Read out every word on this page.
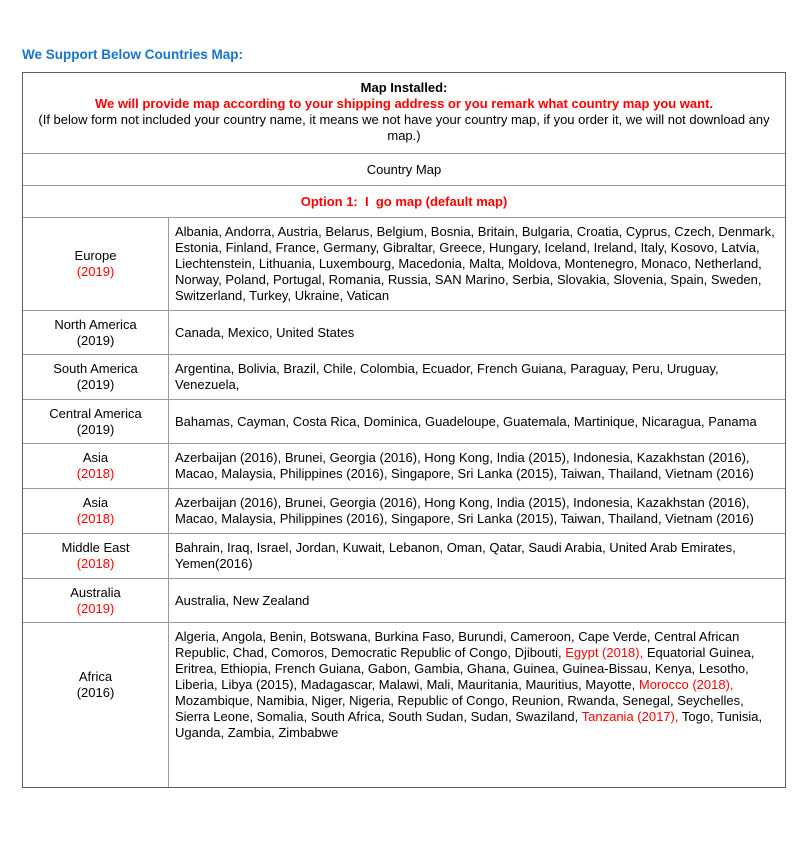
We Support Below Countries Map:
Map Installed:
We will provide map according to your shipping address or you remark what country map you want.
(If below form not included your country name, it means we not have your country map, if you order it, we will not download any map.)
Country Map
Option 1:  I  go map (default map)
Europe
(2019)
Albania, Andorra, Austria, Belarus, Belgium, Bosnia, Britain, Bulgaria, Croatia, Cyprus, Czech, Denmark, Estonia, Finland, France, Germany, Gibraltar, Greece, Hungary, Iceland, Ireland, Italy, Kosovo, Latvia, Liechtenstein, Lithuania, Luxembourg, Macedonia, Malta, Moldova, Montenegro, Monaco, Netherland, Norway, Poland, Portugal, Romania, Russia, SAN Marino, Serbia, Slovakia, Slovenia, Spain, Sweden, Switzerland, Turkey, Ukraine, Vatican
North America
(2019)
Canada, Mexico, United States
South America
(2019)
Argentina, Bolivia, Brazil, Chile, Colombia, Ecuador, French Guiana, Paraguay, Peru, Uruguay, Venezuela,
Central America
(2019)
Bahamas, Cayman, Costa Rica, Dominica, Guadeloupe, Guatemala, Martinique, Nicaragua, Panama
Asia
(2018)
Azerbaijan (2016), Brunei, Georgia (2016), Hong Kong, India (2015), Indonesia, Kazakhstan (2016), Macao, Malaysia, Philippines (2016), Singapore, Sri Lanka (2015), Taiwan, Thailand, Vietnam (2016)
Asia
(2018)
Azerbaijan (2016), Brunei, Georgia (2016), Hong Kong, India (2015), Indonesia, Kazakhstan (2016), Macao, Malaysia, Philippines (2016), Singapore, Sri Lanka (2015), Taiwan, Thailand, Vietnam (2016)
Middle East
(2018)
Bahrain, Iraq, Israel, Jordan, Kuwait, Lebanon, Oman, Qatar, Saudi Arabia, United Arab Emirates, Yemen(2016)
Australia
(2019)
Australia, New Zealand
Africa
(2016)
Algeria, Angola, Benin, Botswana, Burkina Faso, Burundi, Cameroon, Cape Verde, Central African Republic, Chad, Comoros, Democratic Republic of Congo, Djibouti, Egypt (2018), Equatorial Guinea, Eritrea, Ethiopia, French Guiana, Gabon, Gambia, Ghana, Guinea, Guinea-Bissau, Kenya, Lesotho, Liberia, Libya (2015), Madagascar, Malawi, Mali, Mauritania, Mauritius, Mayotte, Morocco (2018), Mozambique, Namibia, Niger, Nigeria, Republic of Congo, Reunion, Rwanda, Senegal, Seychelles, Sierra Leone, Somalia, South Africa, South Sudan, Sudan, Swaziland, Tanzania (2017), Togo, Tunisia, Uganda, Zambia, Zimbabwe
